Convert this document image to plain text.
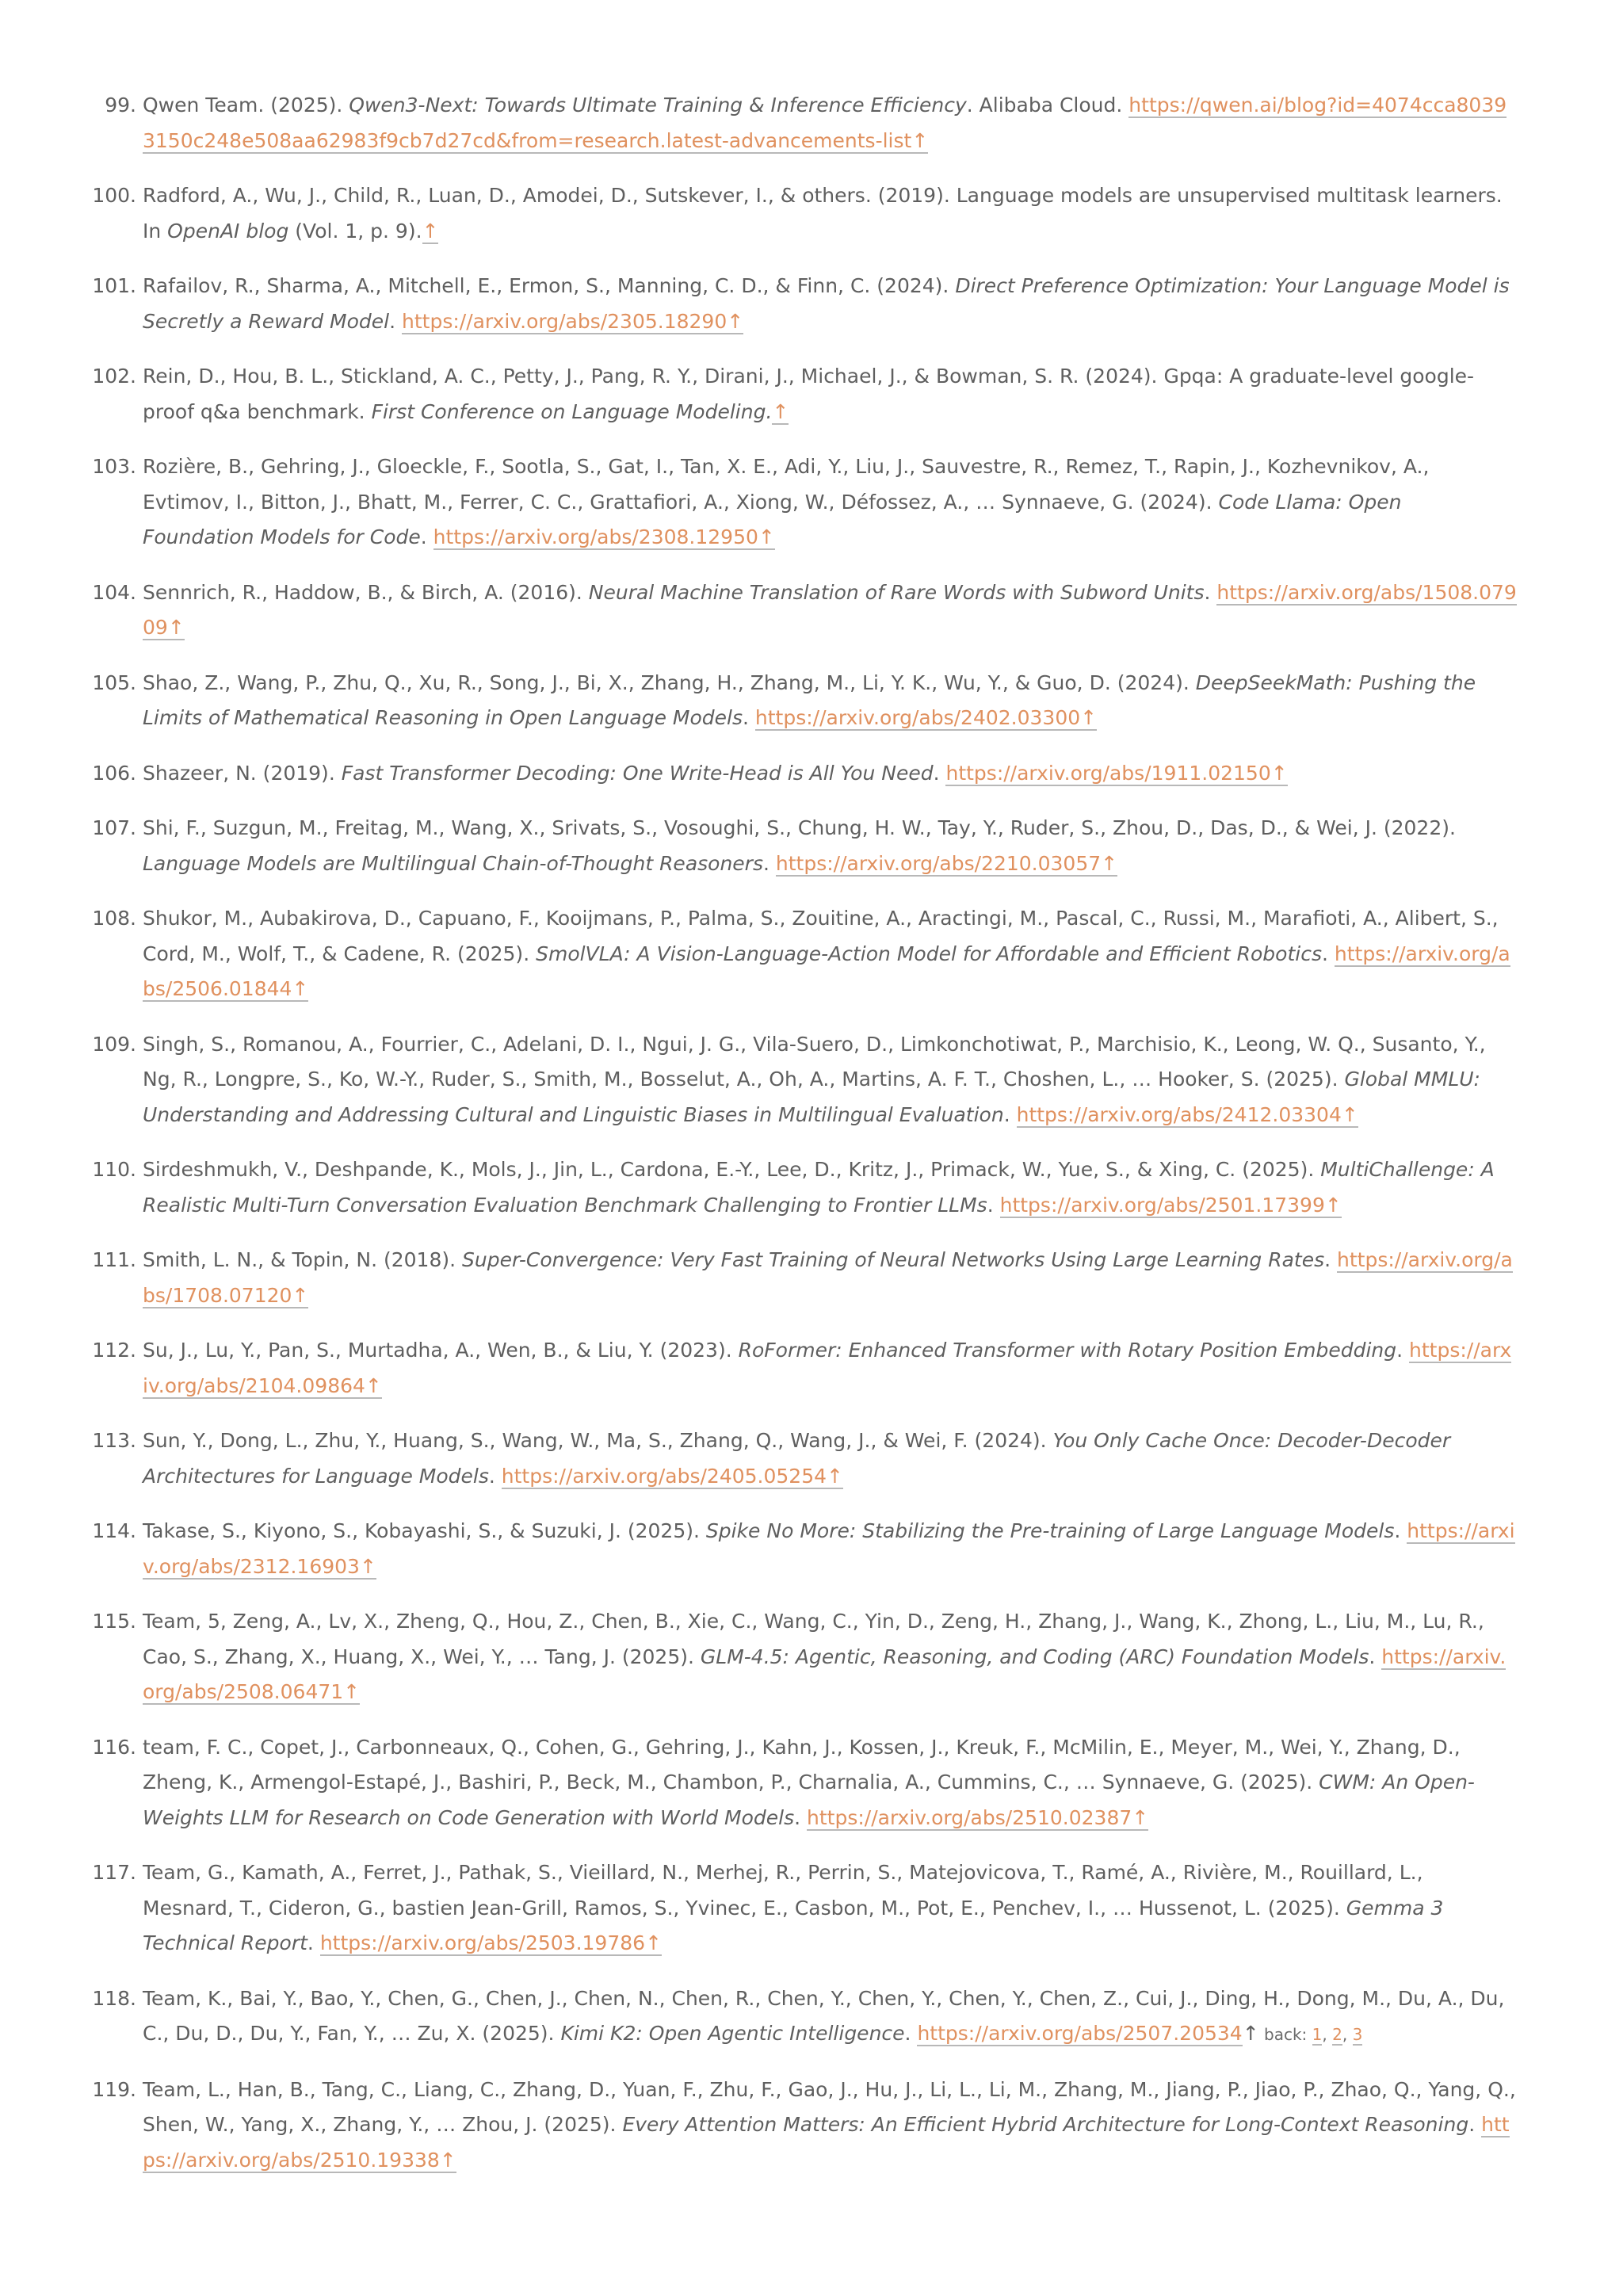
99. Qwen Team. (2025). Qwen3-Next: Towards Ultimate Training & Inference Efficiency. Alibaba Cloud. https://qwen.ai/blog?id=4074cca80393150c248e508aa62983f9cb7d27cd&from=research.latest-advancements-list↑
100. Radford, A., Wu, J., Child, R., Luan, D., Amodei, D., Sutskever, I., & others. (2019). Language models are unsupervised multitask learners. In OpenAI blog (Vol. 1, p. 9).↑
101. Rafailov, R., Sharma, A., Mitchell, E., Ermon, S., Manning, C. D., & Finn, C. (2024). Direct Preference Optimization: Your Language Model is Secretly a Reward Model. https://arxiv.org/abs/2305.18290↑
102. Rein, D., Hou, B. L., Stickland, A. C., Petty, J., Pang, R. Y., Dirani, J., Michael, J., & Bowman, S. R. (2024). Gpqa: A graduate-level google-proof q&a benchmark. First Conference on Language Modeling.↑
103. Rozière, B., Gehring, J., Gloeckle, F., Sootla, S., Gat, I., Tan, X. E., Adi, Y., Liu, J., Sauvestre, R., Remez, T., Rapin, J., Kozhevnikov, A., Evtimov, I., Bitton, J., Bhatt, M., Ferrer, C. C., Grattafiori, A., Xiong, W., Défossez, A., … Synnaeve, G. (2024). Code Llama: Open Foundation Models for Code. https://arxiv.org/abs/2308.12950↑
104. Sennrich, R., Haddow, B., & Birch, A. (2016). Neural Machine Translation of Rare Words with Subword Units. https://arxiv.org/abs/1508.07909↑
105. Shao, Z., Wang, P., Zhu, Q., Xu, R., Song, J., Bi, X., Zhang, H., Zhang, M., Li, Y. K., Wu, Y., & Guo, D. (2024). DeepSeekMath: Pushing the Limits of Mathematical Reasoning in Open Language Models. https://arxiv.org/abs/2402.03300↑
106. Shazeer, N. (2019). Fast Transformer Decoding: One Write-Head is All You Need. https://arxiv.org/abs/1911.02150↑
107. Shi, F., Suzgun, M., Freitag, M., Wang, X., Srivats, S., Vosoughi, S., Chung, H. W., Tay, Y., Ruder, S., Zhou, D., Das, D., & Wei, J. (2022). Language Models are Multilingual Chain-of-Thought Reasoners. https://arxiv.org/abs/2210.03057↑
108. Shukor, M., Aubakirova, D., Capuano, F., Kooijmans, P., Palma, S., Zouitine, A., Aractingi, M., Pascal, C., Russi, M., Marafioti, A., Alibert, S., Cord, M., Wolf, T., & Cadene, R. (2025). SmolVLA: A Vision-Language-Action Model for Affordable and Efficient Robotics. https://arxiv.org/abs/2506.01844↑
109. Singh, S., Romanou, A., Fourrier, C., Adelani, D. I., Ngui, J. G., Vila-Suero, D., Limkonchotiwat, P., Marchisio, K., Leong, W. Q., Susanto, Y., Ng, R., Longpre, S., Ko, W.-Y., Ruder, S., Smith, M., Bosselut, A., Oh, A., Martins, A. F. T., Choshen, L., … Hooker, S. (2025). Global MMLU: Understanding and Addressing Cultural and Linguistic Biases in Multilingual Evaluation. https://arxiv.org/abs/2412.03304↑
110. Sirdeshmukh, V., Deshpande, K., Mols, J., Jin, L., Cardona, E.-Y., Lee, D., Kritz, J., Primack, W., Yue, S., & Xing, C. (2025). MultiChallenge: A Realistic Multi-Turn Conversation Evaluation Benchmark Challenging to Frontier LLMs. https://arxiv.org/abs/2501.17399↑
111. Smith, L. N., & Topin, N. (2018). Super-Convergence: Very Fast Training of Neural Networks Using Large Learning Rates. https://arxiv.org/abs/1708.07120↑
112. Su, J., Lu, Y., Pan, S., Murtadha, A., Wen, B., & Liu, Y. (2023). RoFormer: Enhanced Transformer with Rotary Position Embedding. https://arxiv.org/abs/2104.09864↑
113. Sun, Y., Dong, L., Zhu, Y., Huang, S., Wang, W., Ma, S., Zhang, Q., Wang, J., & Wei, F. (2024). You Only Cache Once: Decoder-Decoder Architectures for Language Models. https://arxiv.org/abs/2405.05254↑
114. Takase, S., Kiyono, S., Kobayashi, S., & Suzuki, J. (2025). Spike No More: Stabilizing the Pre-training of Large Language Models. https://arxiv.org/abs/2312.16903↑
115. Team, 5, Zeng, A., Lv, X., Zheng, Q., Hou, Z., Chen, B., Xie, C., Wang, C., Yin, D., Zeng, H., Zhang, J., Wang, K., Zhong, L., Liu, M., Lu, R., Cao, S., Zhang, X., Huang, X., Wei, Y., … Tang, J. (2025). GLM-4.5: Agentic, Reasoning, and Coding (ARC) Foundation Models. https://arxiv.org/abs/2508.06471↑
116. team, F. C., Copet, J., Carbonneaux, Q., Cohen, G., Gehring, J., Kahn, J., Kossen, J., Kreuk, F., McMilin, E., Meyer, M., Wei, Y., Zhang, D., Zheng, K., Armengol-Estapé, J., Bashiri, P., Beck, M., Chambon, P., Charnalia, A., Cummins, C., … Synnaeve, G. (2025). CWM: An Open-Weights LLM for Research on Code Generation with World Models. https://arxiv.org/abs/2510.02387↑
117. Team, G., Kamath, A., Ferret, J., Pathak, S., Vieillard, N., Merhej, R., Perrin, S., Matejovicova, T., Ramé, A., Rivière, M., Rouillard, L., Mesnard, T., Cideron, G., bastien Jean-Grill, Ramos, S., Yvinec, E., Casbon, M., Pot, E., Penchev, I., … Hussenot, L. (2025). Gemma 3 Technical Report. https://arxiv.org/abs/2503.19786↑
118. Team, K., Bai, Y., Bao, Y., Chen, G., Chen, J., Chen, N., Chen, R., Chen, Y., Chen, Y., Chen, Y., Chen, Z., Cui, J., Ding, H., Dong, M., Du, A., Du, C., Du, D., Du, Y., Fan, Y., … Zu, X. (2025). Kimi K2: Open Agentic Intelligence. https://arxiv.org/abs/2507.20534↑ back: 1, 2, 3
119. Team, L., Han, B., Tang, C., Liang, C., Zhang, D., Yuan, F., Zhu, F., Gao, J., Hu, J., Li, L., Li, M., Zhang, M., Jiang, P., Jiao, P., Zhao, Q., Yang, Q., Shen, W., Yang, X., Zhang, Y., … Zhou, J. (2025). Every Attention Matters: An Efficient Hybrid Architecture for Long-Context Reasoning. https://arxiv.org/abs/2510.19338↑
